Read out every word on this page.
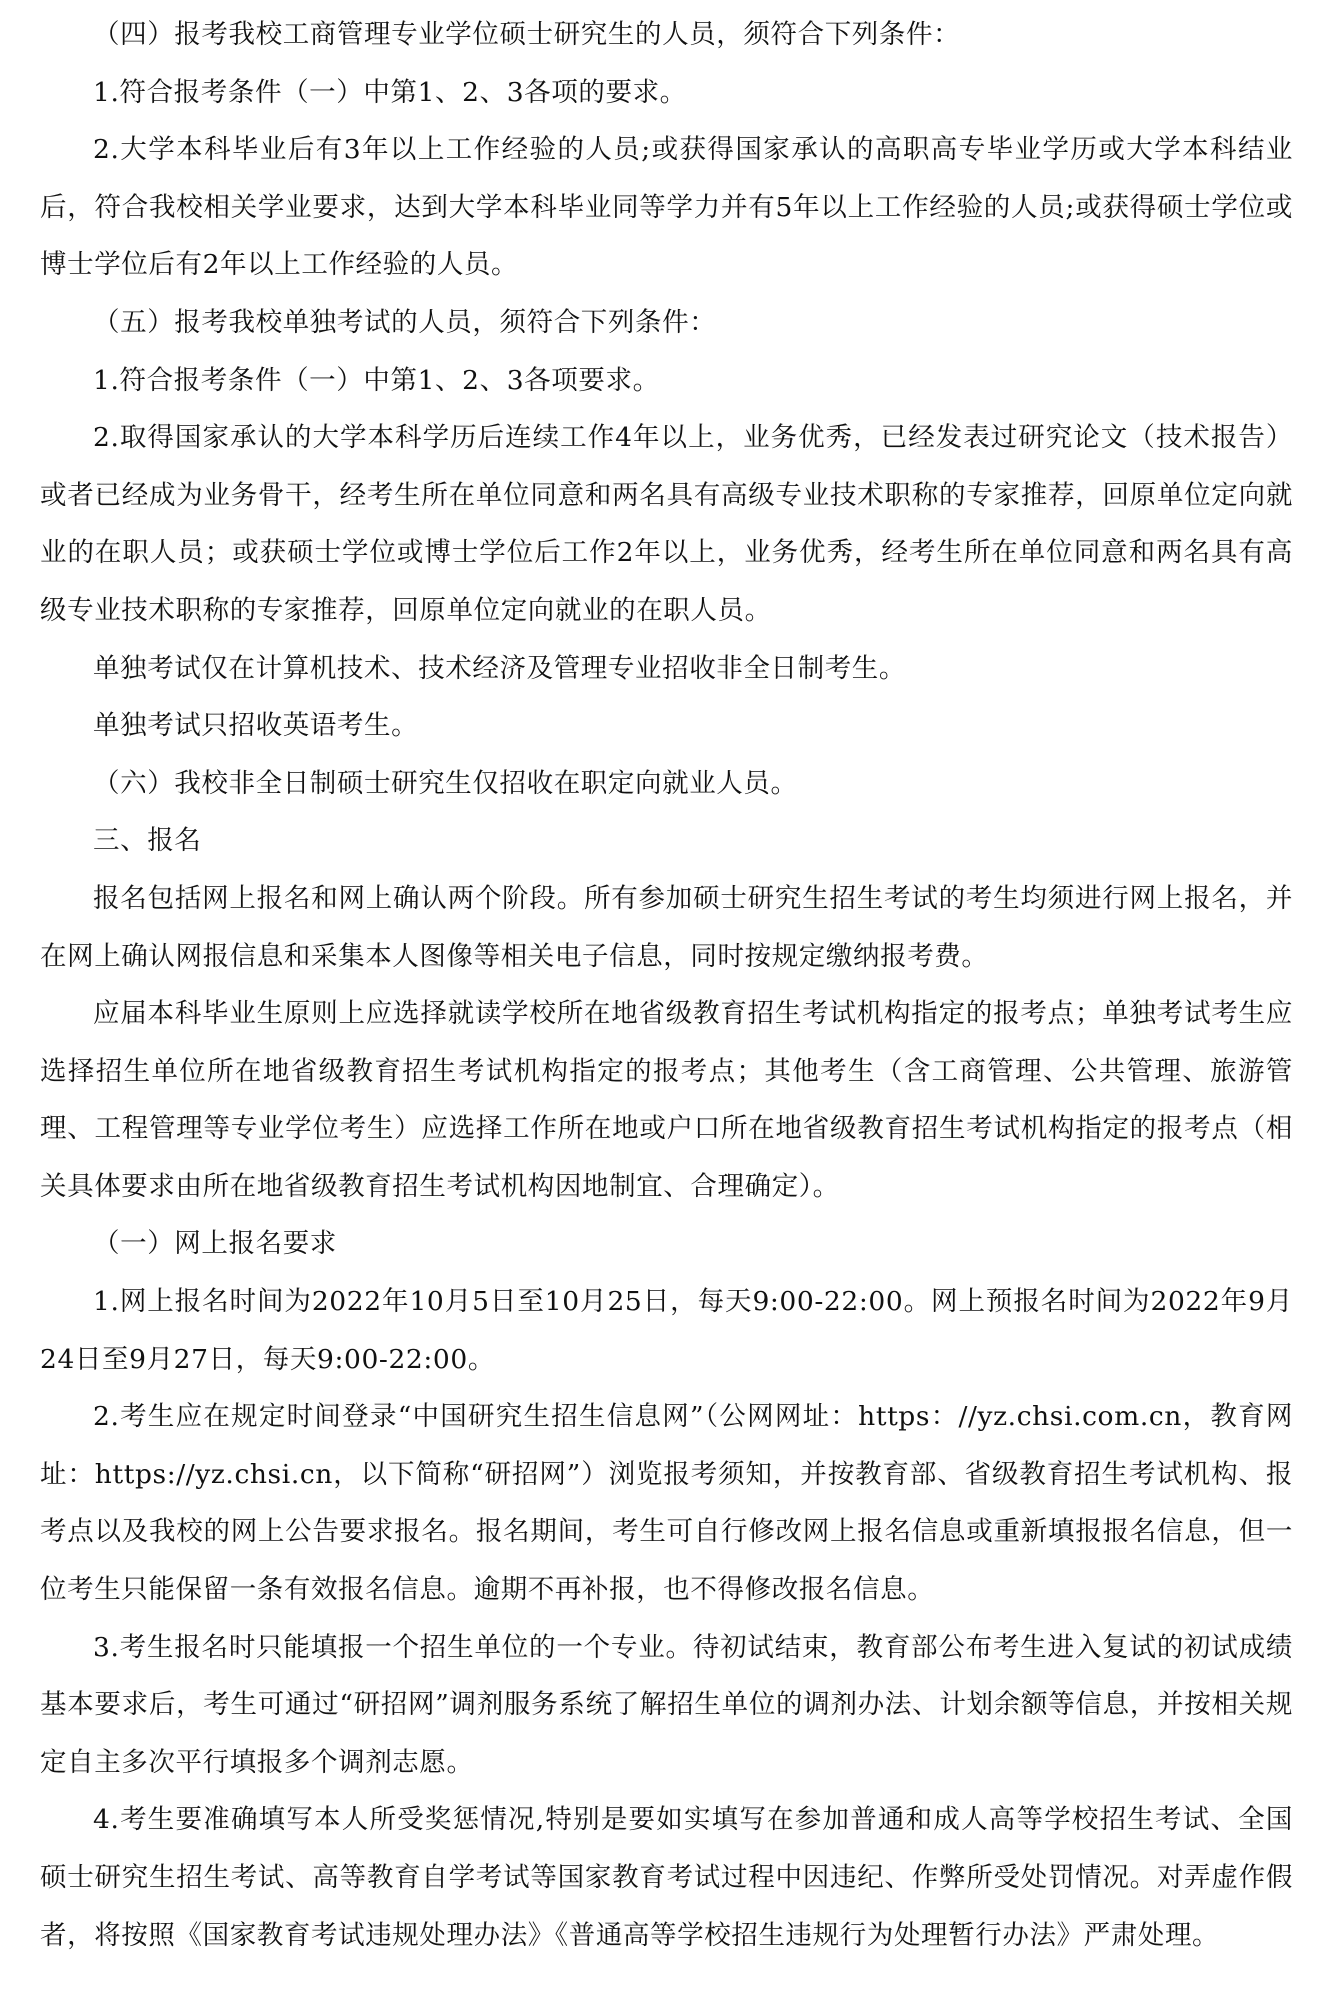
（四）报考我校工商管理专业学位硕士研究生的人员，须符合下列条件：

1.符合报考条件（一）中第1、2、3各项的要求。

2.大学本科毕业后有3年以上工作经验的人员;或获得国家承认的高职高专毕业学历或大学本科结业后，符合我校相关学业要求，达到大学本科毕业同等学力并有5年以上工作经验的人员;或获得硕士学位或博士学位后有2年以上工作经验的人员。

（五）报考我校单独考试的人员，须符合下列条件：

1.符合报考条件（一）中第1、2、3各项要求。

2.取得国家承认的大学本科学历后连续工作4年以上，业务优秀，已经发表过研究论文（技术报告）或者已经成为业务骨干，经考生所在单位同意和两名具有高级专业技术职称的专家推荐，回原单位定向就业的在职人员；或获硕士学位或博士学位后工作2年以上，业务优秀，经考生所在单位同意和两名具有高级专业技术职称的专家推荐，回原单位定向就业的在职人员。

单独考试仅在计算机技术、技术经济及管理专业招收非全日制考生。

单独考试只招收英语考生。

（六）我校非全日制硕士研究生仅招收在职定向就业人员。

三、报名

报名包括网上报名和网上确认两个阶段。所有参加硕士研究生招生考试的考生均须进行网上报名，并在网上确认网报信息和采集本人图像等相关电子信息，同时按规定缴纳报考费。

应届本科毕业生原则上应选择就读学校所在地省级教育招生考试机构指定的报考点；单独考试考生应选择招生单位所在地省级教育招生考试机构指定的报考点；其他考生（含工商管理、公共管理、旅游管理、工程管理等专业学位考生）应选择工作所在地或户口所在地省级教育招生考试机构指定的报考点（相关具体要求由所在地省级教育招生考试机构因地制宜、合理确定）。

（一）网上报名要求

1.网上报名时间为2022年10月5日至10月25日，每天9:00-22:00。网上预报名时间为2022年9月24日至9月27日，每天9:00-22:00。

2.考生应在规定时间登录“中国研究生招生信息网”（公网网址：https：//yz.chsi.com.cn，教育网址：https://yz.chsi.cn，以下简称“研招网”）浏览报考须知，并按教育部、省级教育招生考试机构、报考点以及我校的网上公告要求报名。报名期间，考生可自行修改网上报名信息或重新填报报名信息，但一位考生只能保留一条有效报名信息。逾期不再补报，也不得修改报名信息。

3.考生报名时只能填报一个招生单位的一个专业。待初试结束，教育部公布考生进入复试的初试成绩基本要求后，考生可通过“研招网”调剂服务系统了解招生单位的调剂办法、计划余额等信息，并按相关规定自主多次平行填报多个调剂志愿。

4.考生要准确填写本人所受奖惩情况,特别是要如实填写在参加普通和成人高等学校招生考试、全国硕士研究生招生考试、高等教育自学考试等国家教育考试过程中因违纪、作弊所受处罚情况。对弄虚作假者，将按照《国家教育考试违规处理办法》《普通高等学校招生违规行为处理暂行办法》严肃处理。
